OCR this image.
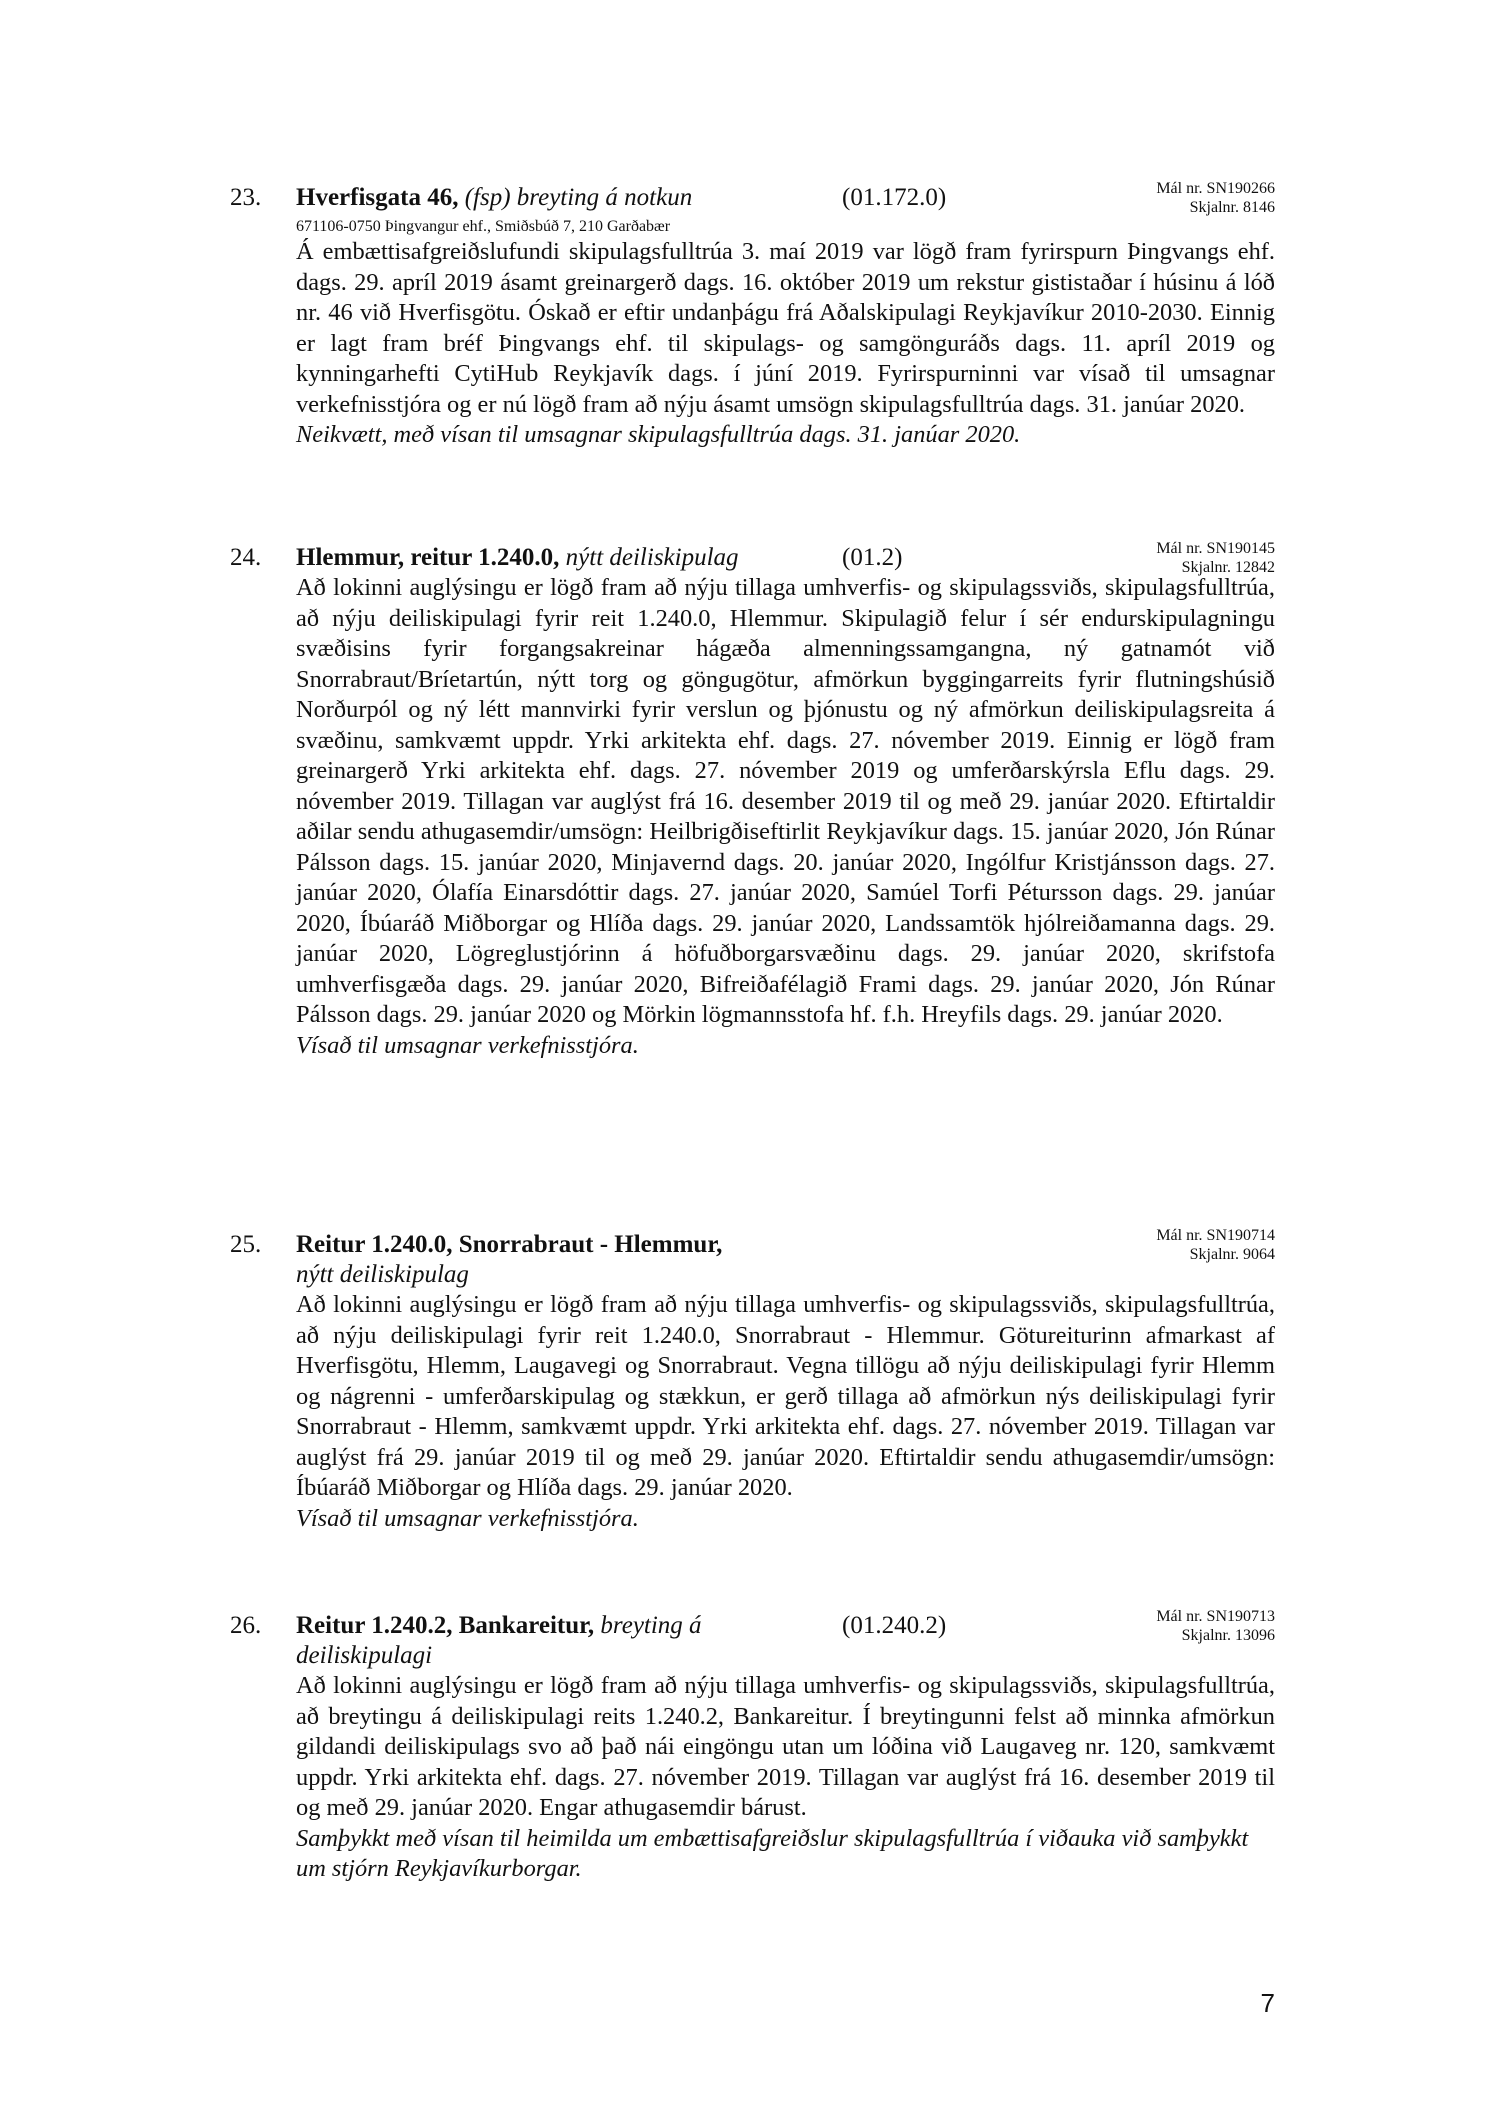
23. Hverfisgata 46, (fsp) breyting á notkun	(01.172.0)	Mál nr. SN190266
Skjalnr. 8146
671106-0750 Þingvangur ehf., Smiðsbúð 7, 210 Garðabær

Á embættisafgreiðslufundi skipulagsfulltrúa 3. maí 2019 var lögð fram fyrirspurn Þingvangs ehf. dags. 29. apríl 2019 ásamt greinargerð dags. 16. október 2019 um rekstur gististaðar í húsinu á lóð nr. 46 við Hverfisgötu. Óskað er eftir undanþágu frá Aðalskipulagi Reykjavíkur 2010-2030. Einnig er lagt fram bréf Þingvangs ehf. til skipulags- og samgönguráðs dags. 11. apríl 2019 og kynningarhefti CytiHub Reykjavík dags. í júní 2019. Fyrirspurninni var vísað til umsagnar verkefnisstjóra og er nú lögð fram að nýju ásamt umsögn skipulagsfulltrúa dags. 31. janúar 2020.

Neikvætt, með vísan til umsagnar skipulagsfulltrúa dags. 31. janúar 2020.

24. Hlemmur, reitur 1.240.0, nýtt deiliskipulag	(01.2)	Mál nr. SN190145
Skjalnr. 12842

Að lokinni auglýsingu er lögð fram að nýju tillaga umhverfis- og skipulagssviðs, skipulagsfulltrúa, að nýju deiliskipulagi fyrir reit 1.240.0, Hlemmur. Skipulagið felur í sér endurskipulagningu svæðisins fyrir forgangsakreinar hágæða almenningssamgangna, ný gatnamót við Snorrabraut/Bríetartún, nýtt torg og göngugötur, afmörkun byggingarreits fyrir flutningshúsið Norðurpól og ný létt mannvirki fyrir verslun og þjónustu og ný afmörkun deiliskipulagsreita á svæðinu, samkvæmt uppdr. Yrki arkitekta ehf. dags. 27. nóvember 2019. Einnig er lögð fram greinargerð Yrki arkitekta ehf. dags. 27. nóvember 2019 og umferðarskýrsla Eflu dags. 29. nóvember 2019. Tillagan var auglýst frá 16. desember 2019 til og með 29. janúar 2020. Eftirtaldir aðilar sendu athugasemdir/umsögn: Heilbrigðiseftirlit Reykjavíkur dags. 15. janúar 2020, Jón Rúnar Pálsson dags. 15. janúar 2020, Minjavernd dags. 20. janúar 2020, Ingólfur Kristjánsson dags. 27. janúar 2020, Ólafía Einarsdóttir dags. 27. janúar 2020, Samúel Torfi Pétursson dags. 29. janúar 2020, Íbúaráð Miðborgar og Hlíða dags. 29. janúar 2020, Landssamtök hjólreiðamanna dags. 29. janúar 2020, Lögreglustjórinn á höfuðborgarsvæðinu dags. 29. janúar 2020, skrifstofa umhverfisgæða dags. 29. janúar 2020, Bifreiðafélagið Frami dags. 29. janúar 2020, Jón Rúnar Pálsson dags. 29. janúar 2020 og Mörkin lögmannsstofa hf. f.h. Hreyfils dags. 29. janúar 2020.

Vísað til umsagnar verkefnisstjóra.

25. Reitur 1.240.0, Snorrabraut - Hlemmur,
nýtt deiliskipulag
Mál nr. SN190714
Skjalnr. 9064

Að lokinni auglýsingu er lögð fram að nýju tillaga umhverfis- og skipulagssviðs, skipulagsfulltrúa, að nýju deiliskipulagi fyrir reit 1.240.0, Snorrabraut - Hlemmur. Götureiturinn afmarkast af Hverfisgötu, Hlemm, Laugavegi og Snorrabraut. Vegna tillögu að nýju deiliskipulagi fyrir Hlemm og nágrenni - umferðarskipulag og stækkun, er gerð tillaga að afmörkun nýs deiliskipulagi fyrir Snorrabraut - Hlemm, samkvæmt uppdr. Yrki arkitekta ehf. dags. 27. nóvember 2019. Tillagan var auglýst frá 29. janúar 2019 til og með 29. janúar 2020. Eftirtaldir sendu athugasemdir/umsögn: Íbúaráð Miðborgar og Hlíða dags. 29. janúar 2020.

Vísað til umsagnar verkefnisstjóra.

26. Reitur 1.240.2, Bankareitur, breyting á	(01.240.2)
deiliskipulagi
Mál nr. SN190713
Skjalnr. 13096

Að lokinni auglýsingu er lögð fram að nýju tillaga umhverfis- og skipulagssviðs, skipulagsfulltrúa, að breytingu á deiliskipulagi reits 1.240.2, Bankareitur. Í breytingunni felst að minnka afmörkun gildandi deiliskipulags svo að það nái eingöngu utan um lóðina við Laugaveg nr. 120, samkvæmt uppdr. Yrki arkitekta ehf. dags. 27. nóvember 2019. Tillagan var auglýst frá 16. desember 2019 til og með 29. janúar 2020. Engar athugasemdir bárust.

Samþykkt með vísan til heimilda um embættisafgreiðslur skipulagsfulltrúa í viðauka við samþykkt um stjórn Reykjavíkurborgar.

7
